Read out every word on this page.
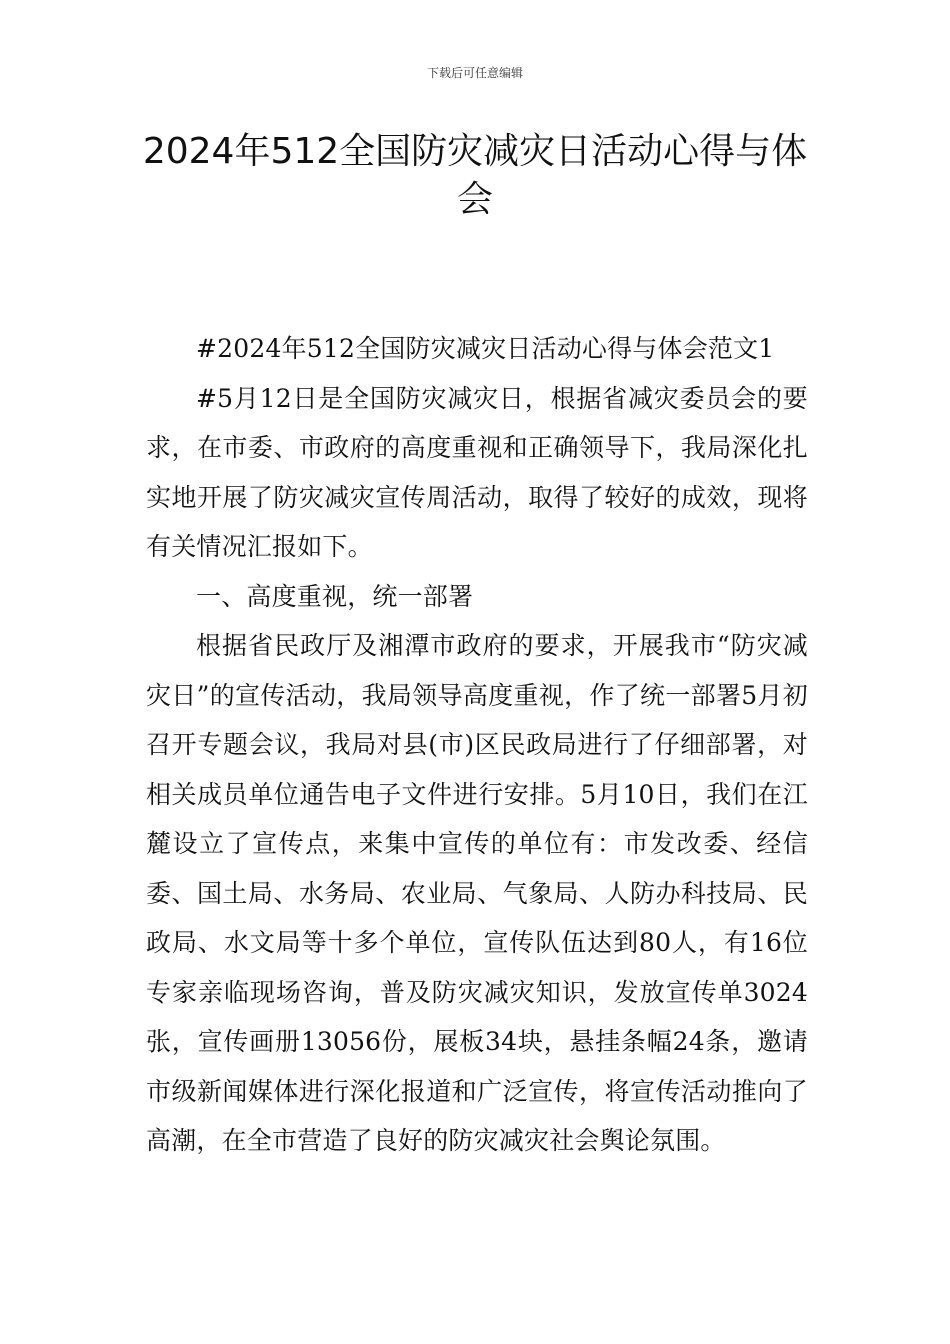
下载后可任意编辑
2024年512全国防灾减灾日活动心得与体会

#2024年512全国防灾减灾日活动心得与体会范文1

#5月12日是全国防灾减灾日，根据省减灾委员会的要求，在市委、市政府的高度重视和正确领导下，我局深化扎实地开展了防灾减灾宣传周活动，取得了较好的成效，现将有关情况汇报如下。

一、高度重视，统一部署

根据省民政厅及湘潭市政府的要求，开展我市“防灾减灾日”的宣传活动，我局领导高度重视，作了统一部署5月初召开专题会议，我局对县(市)区民政局进行了仔细部署，对相关成员单位通告电子文件进行安排。5月10日，我们在江麓设立了宣传点，来集中宣传的单位有：市发改委、经信委、国土局、水务局、农业局、气象局、人防办科技局、民政局、水文局等十多个单位，宣传队伍达到80人，有16位专家亲临现场咨询，普及防灾减灾知识，发放宣传单3024张，宣传画册13056份，展板34块，悬挂条幅24条，邀请市级新闻媒体进行深化报道和广泛宣传，将宣传活动推向了高潮，在全市营造了良好的防灾减灾社会舆论氛围。
